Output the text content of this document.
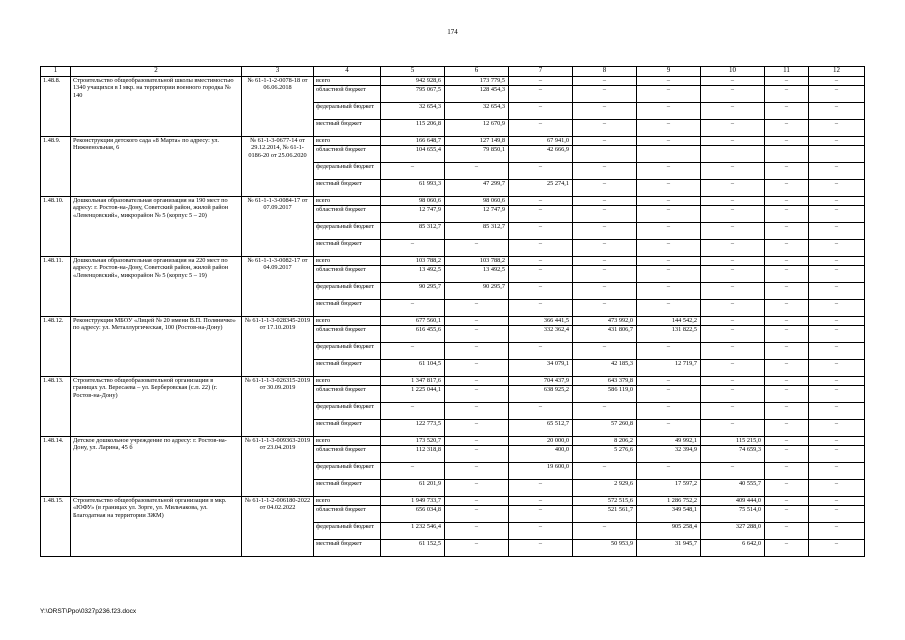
174
1	2	3	4	5	6	7	8	9	10	11	12
1.48.8.	Строительство общеобразовательной школы вместимостью 1340 учащихся в I мкр. на территории военного городка № 140	№ 61-1-1-2-0078-18 от 06.06.2018	всего	942 928,6	173 779,5	–	–	–	–	–	–
			областной бюджет	795 067,5	128 454,3	–	–	–	–	–	–
			федеральный бюджет	32 654,3	32 654,3	–	–	–	–	–	–
			местный бюджет	115 206,8	12 670,9	–	–	–	–	–	–
1.48.9.	Реконструкция детского сада «8 Марта» по адресу: ул. Нижненольная, 6	№ 61-1-3-0677-14 от 29.12.2014, № 61-1-0186-20 от 25.06.2020	всего	166 648,7	127 149,8	67 941,0	–	–	–	–	–
			областной бюджет	104 655,4	79 850,1	42 666,9					
			федеральный бюджет	–	–	–	–	–	–	–	–
			местный бюджет	61 993,3	47 299,7	25 274,1	–	–	–	–	–
1.48.10.	Дошкольная образовательная организация на 190 мест по адресу: г. Ростов-на-Дону, Советский район, жилой район «Левенцовский», микрорайон № 5 (корпус 5 – 20)	№ 61-1-1-3-0084-17 от 07.09.2017	всего	98 060,6	98 060,6	–	–	–	–	–	–
			областной бюджет	12 747,9	12 747,9	–	–	–	–	–	–
			федеральный бюджет	85 312,7	85 312,7	–	–	–	–	–	–
			местный бюджет	–	–	–	–	–	–	–	–
1.48.11.	Дошкольная образовательная организация на 220 мест по адресу: г. Ростов-на-Дону, Советский район, жилой район «Левенцовский», микрорайон № 5 (корпус 5 – 19)	№ 61-1-1-3-0082-17 от 04.09.2017	всего	103 788,2	103 788,2	–	–	–	–	–	–
			областной бюджет	13 492,5	13 492,5	–	–	–	–	–	–
			федеральный бюджет	90 295,7	90 295,7	–	–	–	–	–	–
			местный бюджет	–	–	–	–	–	–	–	–
1.48.12.	Реконструкция МБОУ «Лицей № 20 имени В.П. Поляничко» по адресу: ул. Металлургическая, 100 (Ростов-на-Дону)	№ 61-1-1-3-028345-2019 от 17.10.2019	всего	677 560,1	–	366 441,5	473 992,0	144 542,2	–	–	–
			областной бюджет	616 455,6	–	332 362,4	431 806,7	131 822,5	–	–	–
			федеральный бюджет	–	–	–	–	–	–	–	–
			местный бюджет	61 104,5	–	34 079,1	42 185,3	12 719,7	–	–	–
1.48.13.	Строительство общеобразовательной организации в границах ул. Вересаева – ул. Берберовская (с.п. 22) (г. Ростов-на-Дону)	№ 61-1-1-3-026315-2019 от 30.09.2019	всего	1 347 817,6	–	704 437,9	643 379,8	–	–	–	–
			областной бюджет	1 225 044,1	–	638 925,2	586 119,0	–	–	–	–
			федеральный бюджет	–	–	–	–	–	–	–	–
			местный бюджет	122 773,5	–	65 512,7	57 260,8	–	–	–	–
1.48.14.	Детское дошкольное учреждение по адресу: г. Ростов-на-Дону, ул. Ларина, 45 б	№ 61-1-1-3-009363-2019 от 23.04.2019	всего	173 520,7	–	20 000,0	8 206,2	49 992,1	115 215,0	–	–
			областной бюджет	112 318,8	–	400,0	5 276,6	32 394,9	74 659,3	–	–
			федеральный бюджет	–	–	19 600,0	–	–	–	–	–
			местный бюджет	61 201,9	–	–	2 929,6	17 597,2	40 555,7	–	–
1.48.15.	Строительство общеобразовательной организации в мкр. «ЮФУ» (в границах ул. Зорге, ул. Мильчакова, ул. Благодатная на территории ЗЖМ)	№ 61-1-1-2-006180-2022 от 04.02.2022	всего	1 949 733,7	–	–	572 515,6	1 286 752,2	409 444,0	–	–
			областной бюджет	656 034,8	–	–	521 561,7	349 548,1	75 514,0	–	–
			федеральный бюджет	1 232 546,4	–	–	–	905 258,4	327 288,0	–	–
			местный бюджет	61 152,5	–	–	50 953,9	31 945,7	6 642,0	–	–
Y:\ORST\Ppo\0327p236.f23.docx
